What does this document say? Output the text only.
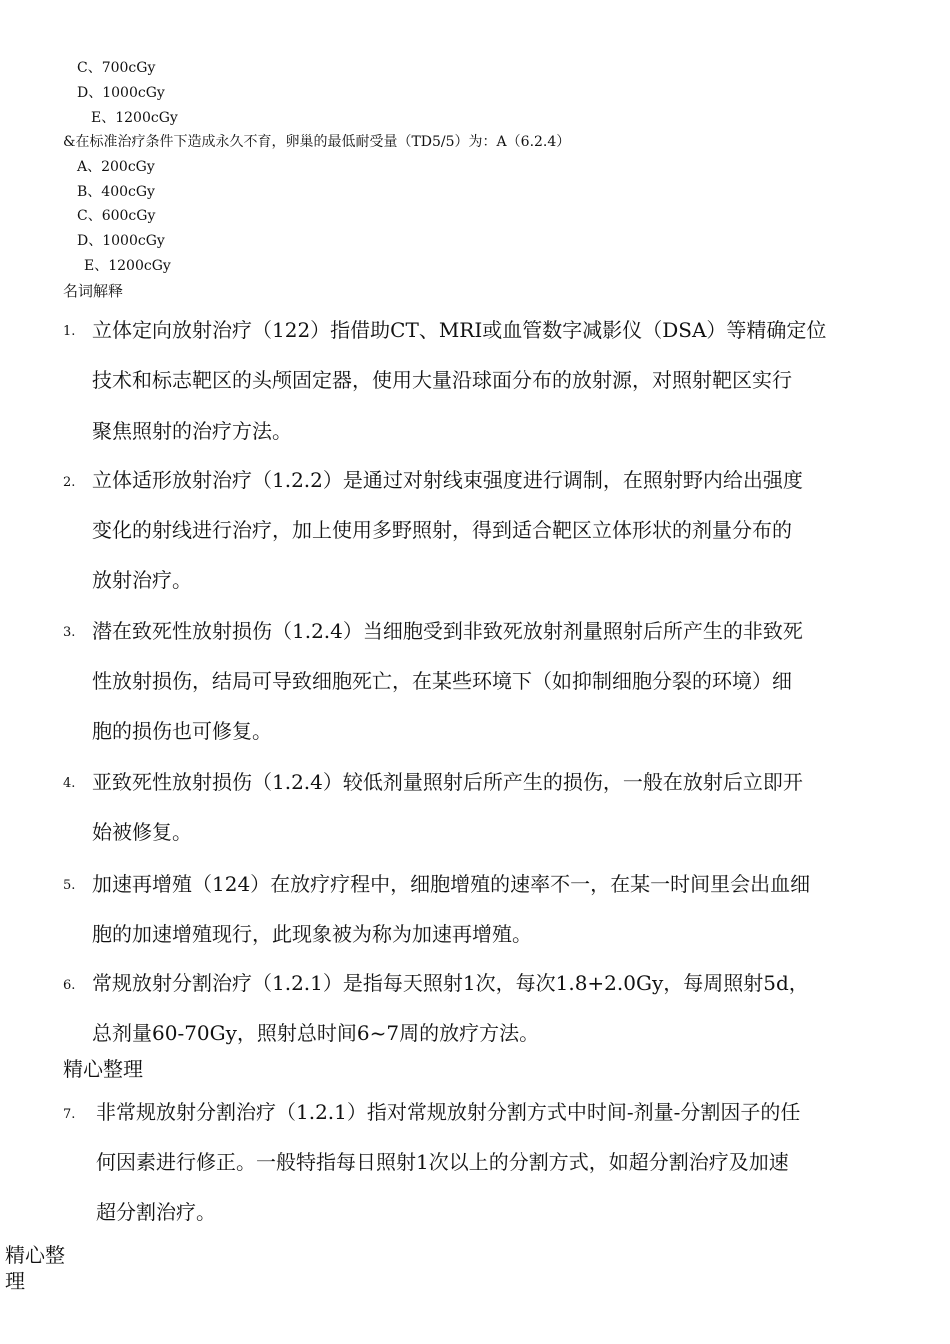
C、700cGy
D、1000cGy
E、1200cGy
&在标准治疗条件下造成永久不育，卵巢的最低耐受量（TD5/5）为：A（6.2.4）
A、200cGy
B、400cGy
C、600cGy
D、1000cGy
E、1200cGy
名词解释
1. 立体定向放射治疗（122）指借助CT、MRI或血管数字减影仪（DSA）等精确定位
技术和标志靶区的头颅固定器，使用大量沿球面分布的放射源，对照射靶区实行
聚焦照射的治疗方法。
2. 立体适形放射治疗（1.2.2）是通过对射线束强度进行调制，在照射野内给出强度
变化的射线进行治疗，加上使用多野照射，得到适合靶区立体形状的剂量分布的
放射治疗。
3. 潜在致死性放射损伤（1.2.4）当细胞受到非致死放射剂量照射后所产生的非致死
性放射损伤，结局可导致细胞死亡，在某些环境下（如抑制细胞分裂的环境）细
胞的损伤也可修复。
4. 亚致死性放射损伤（1.2.4）较低剂量照射后所产生的损伤，一般在放射后立即开
始被修复。
5. 加速再增殖（124）在放疗疗程中，细胞增殖的速率不一，在某一时间里会出血细
胞的加速增殖现行，此现象被为称为加速再增殖。
6. 常规放射分割治疗（1.2.1）是指每天照射1次，每次1.8+2.0Gy，每周照射5d，
总剂量60-70Gy，照射总时间6~7周的放疗方法。
精心整理
7. 非常规放射分割治疗（1.2.1）指对常规放射分割方式中时间-剂量-分割因子的任
何因素进行修正。一般特指每日照射1次以上的分割方式，如超分割治疗及加速
超分割治疗。
精心整
理
